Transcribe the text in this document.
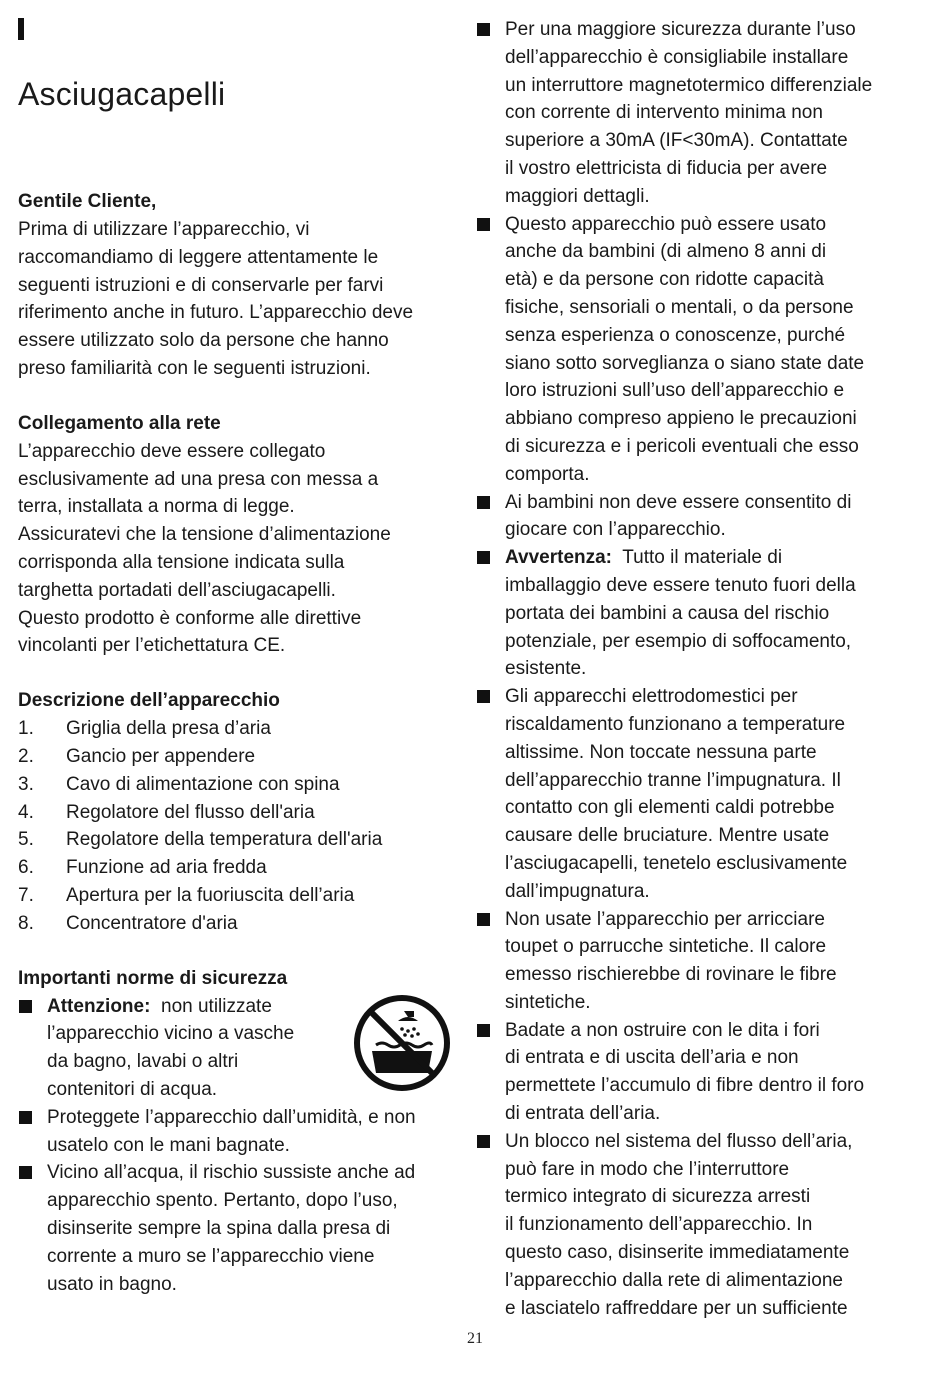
Asciugacapelli
Gentile Cliente,
Prima di utilizzare l’apparecchio, vi
raccomandiamo di leggere attentamente le
seguenti istruzioni e di conservarle per farvi
riferimento anche in futuro. L’apparecchio deve
essere utilizzato solo da persone che hanno
preso familiarità con le seguenti istruzioni.
Collegamento alla rete
L’apparecchio deve essere collegato
esclusivamente ad una presa con messa a
terra, installata a norma di legge.
Assicuratevi che la tensione d’alimentazione
corrisponda alla tensione indicata sulla
targhetta portadati dell’asciugacapelli.
Questo prodotto è conforme alle direttive
vincolanti per l’etichettatura CE.
Descrizione dell’apparecchio
1.	Griglia della presa d’aria
2.	Gancio per appendere
3.	Cavo di alimentazione con spina
4.	Regolatore del flusso dell'aria
5.	Regolatore della temperatura dell'aria
6.	Funzione ad aria fredda
7.	Apertura per la fuoriuscita dell’aria
8.	Concentratore d'aria
Importanti norme di sicurezza
Attenzione: non utilizzate
l’apparecchio vicino a vasche
da bagno, lavabi o altri
contenitori di acqua.
Proteggete l’apparecchio dall’umidità, e non
usatelo con le mani bagnate.
Vicino all’acqua, il rischio sussiste anche ad
apparecchio spento. Pertanto, dopo l’uso,
disinserite sempre la spina dalla presa di
corrente a muro se l’apparecchio viene
usato in bagno.
Per una maggiore sicurezza durante l’uso
dell’apparecchio è consigliabile installare
un interruttore magnetotermico differenziale
con corrente di intervento minima non
superiore a 30mA (IF<30mA). Contattate
il vostro elettricista di fiducia per avere
maggiori dettagli.
Questo apparecchio può essere usato
anche da bambini (di almeno 8 anni di
età) e da persone con ridotte capacità
fisiche, sensoriali o mentali, o da persone
senza esperienza o conoscenze, purché
siano sotto sorveglianza o siano state date
loro istruzioni sull’uso dell’apparecchio e
abbiano compreso appieno le precauzioni
di sicurezza e i pericoli eventuali che esso
comporta.
Ai bambini non deve essere consentito di
giocare con l’apparecchio.
Avvertenza: Tutto il materiale di
imballaggio deve essere tenuto fuori della
portata dei bambini a causa del rischio
potenziale, per esempio di soffocamento,
esistente.
Gli apparecchi elettrodomestici per
riscaldamento funzionano a temperature
altissime. Non toccate nessuna parte
dell’apparecchio tranne l’impugnatura. Il
contatto con gli elementi caldi potrebbe
causare delle bruciature. Mentre usate
l’asciugacapelli, tenetelo esclusivamente
dall’impugnatura.
Non usate l’apparecchio per arricciare
toupet o parrucche sintetiche. Il calore
emesso rischierebbe di rovinare le fibre
sintetiche.
Badate a non ostruire con le dita i fori
di entrata e di uscita dell’aria e non
permettete l’accumulo di fibre dentro il foro
di entrata dell’aria.
Un blocco nel sistema del flusso dell’aria,
può fare in modo che l’interruttore
termico integrato di sicurezza arresti
il funzionamento dell’apparecchio. In
questo caso, disinserite immediatamente
l’apparecchio dalla rete di alimentazione
e lasciatelo raffreddare per un sufficiente
21
